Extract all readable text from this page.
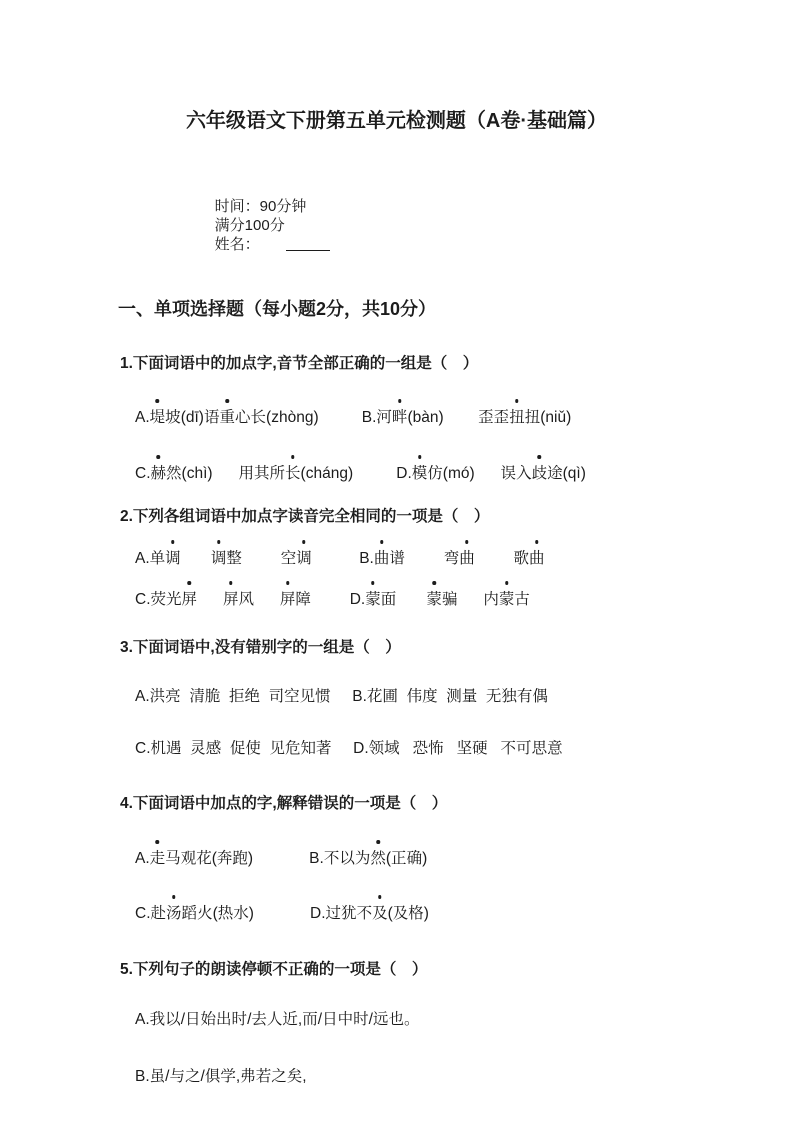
六年级语文下册第五单元检测题（A卷·基础篇）

时间：90分钟
满分100分
姓名：

一、单项选择题（每小题2分，共10分）

1.下面词语中的加点字,音节全部正确的一组是（　）

A.堤坡(dī)语重心长(zhòng)	B.河畔(bàn) 歪歪扭扭(niǔ)

C.赫然(chì) 用其所长(cháng)	D.模仿(mó) 误入歧途(qì)

2.下列各组词语中加点字读音完全相同的一项是（　）

A.单调 调整	空调	B.曲谱	弯曲	歌曲

C.荧光屏 屏风 屏障	D.蒙面 蒙骗 内蒙古

3.下面词语中,没有错别字的一组是（　）

A.洪亮 清脆 拒绝 司空见惯 B.花圃 伟度 测量 无独有偶

C.机遇 灵感 促使 见危知著 D.领域 恐怖 坚硬 不可思意

4.下面词语中加点的字,解释错误的一项是（　）

A.走马观花(奔跑)	B.不以为然(正确)

C.赴汤蹈火(热水)	D.过犹不及(及格)

5.下列句子的朗读停顿不正确的一项是（　）

A.我以/日始出时/去人近,而/日中时/远也。

B.虽/与之/俱学,弗若之矣,
